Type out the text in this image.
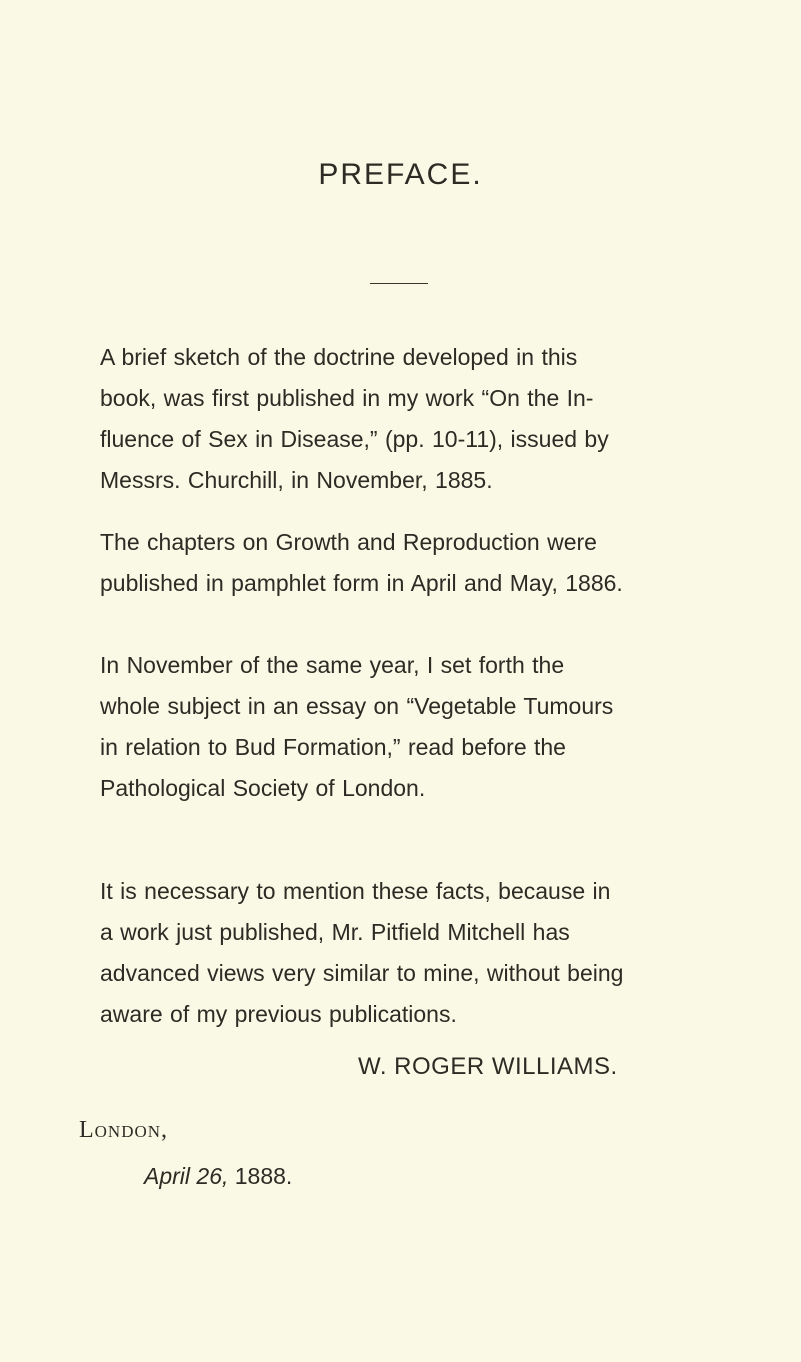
PREFACE.
A brief sketch of the doctrine developed in this
book, was first published in my work “On the In-
fluence of Sex in Disease,” (pp. 10-11), issued by
Messrs. Churchill, in November, 1885.
The chapters on Growth and Reproduction were
published in pamphlet form in April and May, 1886.
In November of the same year, I set forth the
whole subject in an essay on “Vegetable Tumours
in relation to Bud Formation,” read before the
Pathological Society of London.
It is necessary to mention these facts, because in
a work just published, Mr. Pitfield Mitchell has
advanced views very similar to mine, without being
aware of my previous publications.
W. ROGER WILLIAMS.
London,
April 26, 1888.
